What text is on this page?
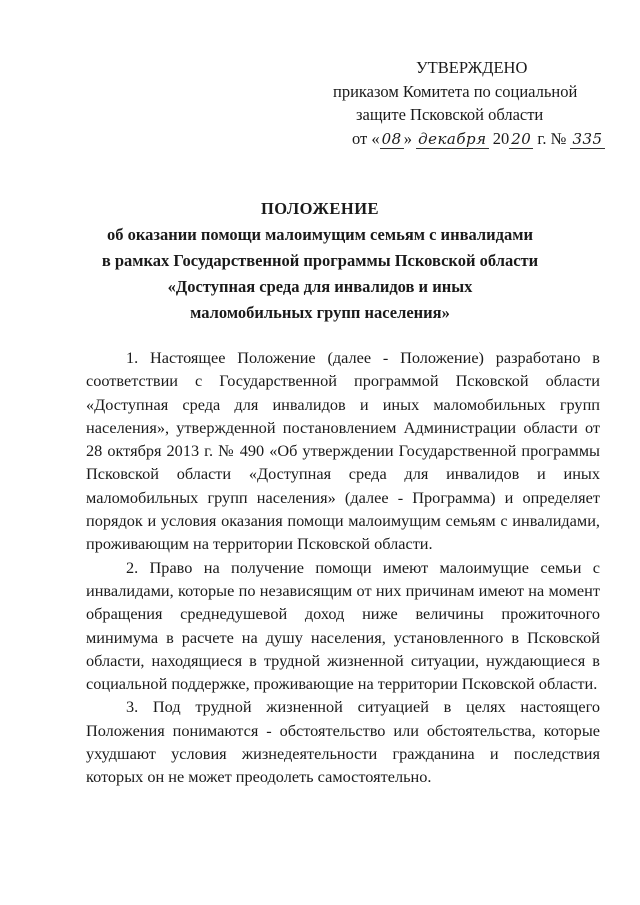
УТВЕРЖДЕНО
приказом Комитета по социальной
защите Псковской области
от « 08 » декабря 20 20 г. № 335
ПОЛОЖЕНИЕ
об оказании помощи малоимущим семьям с инвалидами
в рамках Государственной программы Псковской области
«Доступная среда для инвалидов и иных
маломобильных групп населения»

1. Настоящее Положение (далее - Положение) разработано в соответствии с Государственной программой Псковской области «Доступная среда для инвалидов и иных маломобильных групп населения», утвержденной постановлением Администрации области от 28 октября 2013 г. № 490 «Об утверждении Государственной программы Псковской области «Доступная среда для инвалидов и иных маломобильных групп населения» (далее - Программа) и определяет порядок и условия оказания помощи малоимущим семьям с инвалидами, проживающим на территории Псковской области.

2. Право на получение помощи имеют малоимущие семьи с инвалидами, которые по независящим от них причинам имеют на момент обращения среднедушевой доход ниже величины прожиточного минимума в расчете на душу населения, установленного в Псковской области, находящиеся в трудной жизненной ситуации, нуждающиеся в социальной поддержке, проживающие на территории Псковской области.

3. Под трудной жизненной ситуацией в целях настоящего Положения понимаются - обстоятельство или обстоятельства, которые ухудшают условия жизнедеятельности гражданина и последствия которых он не может преодолеть самостоятельно.
